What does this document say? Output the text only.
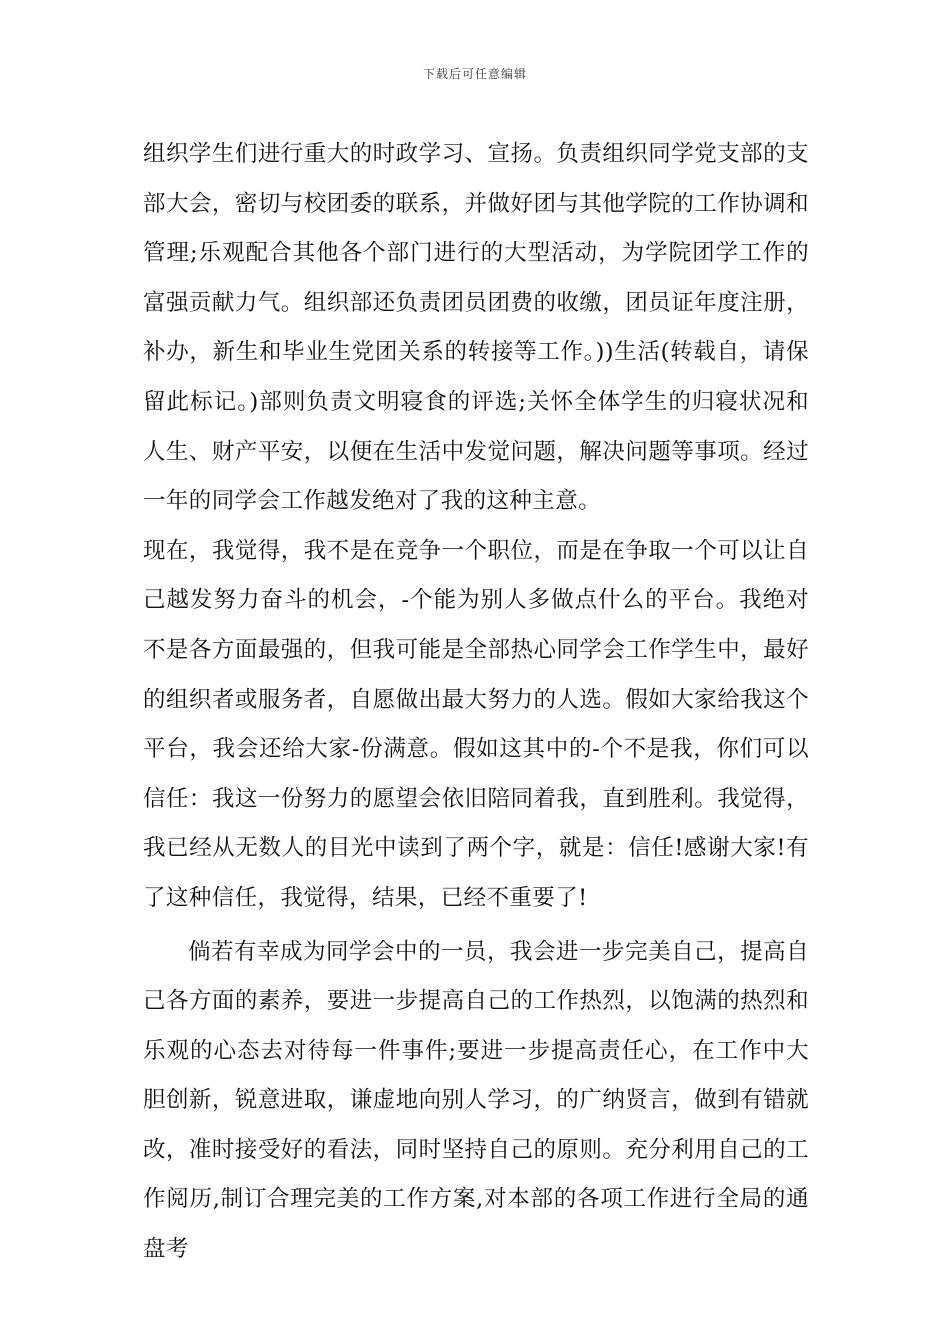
下载后可任意编辑

组织学生们进行重大的时政学习、宣扬。负责组织同学党支部的支部大会，密切与校团委的联系，并做好团与其他学院的工作协调和管理;乐观配合其他各个部门进行的大型活动，为学院团学工作的富强贡献力气。组织部还负责团员团费的收缴，团员证年度注册，补办，新生和毕业生党团关系的转接等工作。))生活(转载自，请保留此标记。)部则负责文明寝食的评选;关怀全体学生的归寝状况和人生、财产平安，以便在生活中发觉问题，解决问题等事项。经过一年的同学会工作越发绝对了我的这种主意。

现在，我觉得，我不是在竞争一个职位，而是在争取一个可以让自己越发努力奋斗的机会，-个能为别人多做点什么的平台。我绝对不是各方面最强的，但我可能是全部热心同学会工作学生中，最好的组织者或服务者，自愿做出最大努力的人选。假如大家给我这个平台，我会还给大家-份满意。假如这其中的-个不是我，你们可以信任：我这一份努力的愿望会依旧陪同着我，直到胜利。我觉得，我已经从无数人的目光中读到了两个字，就是：信任!感谢大家!有了这种信任，我觉得，结果，已经不重要了!

倘若有幸成为同学会中的一员，我会进一步完美自己，提高自己各方面的素养，要进一步提高自己的工作热烈，以饱满的热烈和乐观的心态去对待每一件事件;要进一步提高责任心，在工作中大胆创新，锐意进取，谦虚地向别人学习，的广纳贤言，做到有错就改，准时接受好的看法，同时坚持自己的原则。充分利用自己的工作阅历,制订合理完美的工作方案,对本部的各项工作进行全局的通盘考
